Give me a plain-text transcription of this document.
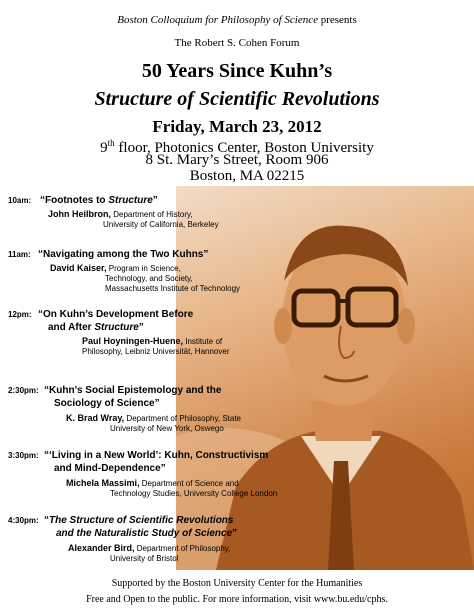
Boston Colloquium for Philosophy of Science presents
The Robert S. Cohen Forum
50 Years Since Kuhn’s
Structure of Scientific Revolutions
Friday, March 23, 2012
9th floor, Photonics Center, Boston University
8 St. Mary’s Street, Room 906
Boston, MA 02215
10am: “Footnotes to Structure”
John Heilbron, Department of History,
University of California, Berkeley
11am: “Navigating among the Two Kuhns”
David Kaiser, Program in Science,
Technology, and Society,
Massachusetts Institute of Technology
12pm: “On Kuhn’s Development Before
and After Structure”
Paul Hoyningen-Huene, Institute of
Philosophy, Leibniz Universität, Hannover
2:30pm: “Kuhn’s Social Epistemology and the
Sociology of Science”
K. Brad Wray, Department of Philosophy, State
University of New York, Oswego
3:30pm: “‘Living in a New World’: Kuhn, Constructivism
and Mind-Dependence”
Michela Massimi, Department of Science and
Technology Studies, University College London
4:30pm: “The Structure of Scientific Revolutions
and the Naturalistic Study of Science”
Alexander Bird, Department of Philosophy,
University of Bristol
Supported by the Boston University Center for the Humanities
Free and Open to the public. For more information, visit www.bu.edu/cphs.
